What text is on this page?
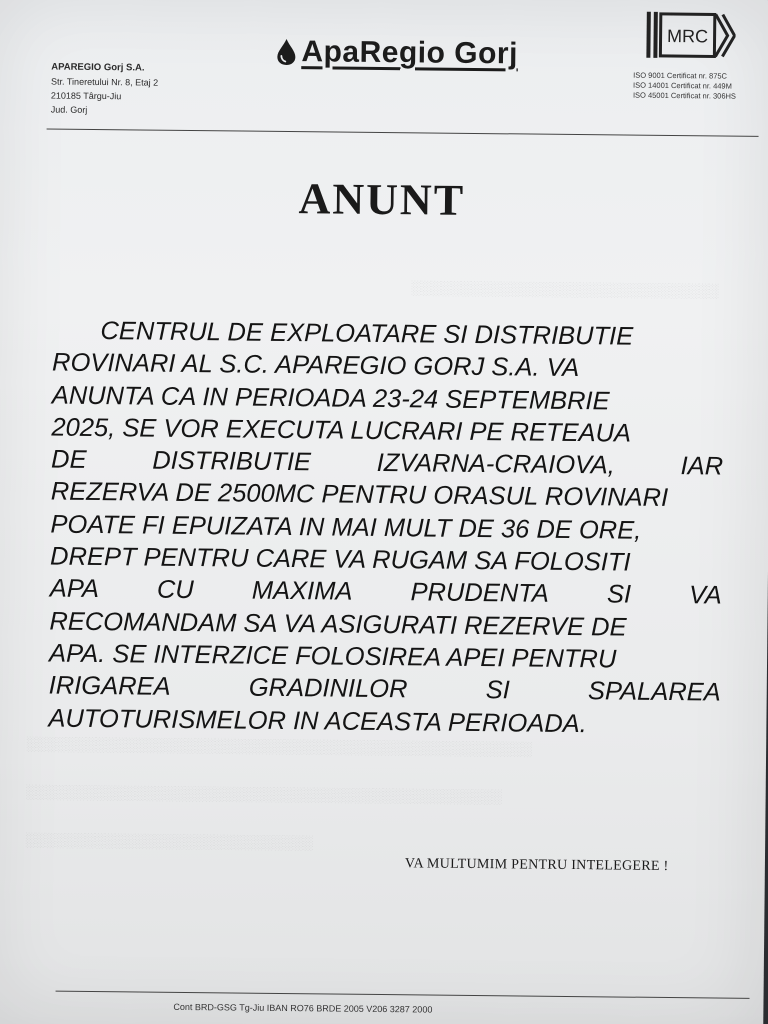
APAREGIO Gorj S.A.
Str. Tineretului Nr. 8, Etaj 2
210185 Târgu-Jiu
Jud. Gorj
ApaRegio Gorj	MRC
ISO 9001 Certificat nr. 875C
ISO 14001 Certificat nr. 449M
ISO 45001 Certificat nr. 306HS
ANUNT
░░░░░░░░░░░░░░░░░░░░░░░░░░░░░░░
░░░░░░░░░░░░░░░░░░░░░░░░░░░░░░░░░░░░░░░░░░░░░░░░░░░
░░░░░░░░░░░░░░░░░░░░░░░░░░░░░░░░░░░░░░░░░░░░░░░░
░░░░░░░░░░░░░░░░░░░░░░░░░░░░░
CENTRUL DE EXPLOATARE SI DISTRIBUTIE
ROVINARI AL S.C. APAREGIO GORJ S.A. VA
ANUNTA CA IN PERIOADA 23-24 SEPTEMBRIE
2025, SE VOR EXECUTA LUCRARI PE RETEAUA
DE	DISTRIBUTIE	IZVARNA-CRAIOVA,	IAR
REZERVA DE 2500MC PENTRU ORASUL ROVINARI
POATE FI EPUIZATA IN MAI MULT DE 36 DE ORE,
DREPT PENTRU CARE VA RUGAM SA FOLOSITI
APA CU MAXIMA PRUDENTA SI VA
RECOMANDAM SA VA ASIGURATI REZERVE DE
APA. SE INTERZICE FOLOSIREA APEI PENTRU
IRIGAREA	GRADINILOR	SI	SPALAREA
AUTOTURISMELOR IN ACEASTA PERIOADA.
VA MULTUMIM PENTRU INTELEGERE !
Cont BRD-GSG Tg-Jiu IBAN RO76 BRDE 2005 V206 3287 2000
